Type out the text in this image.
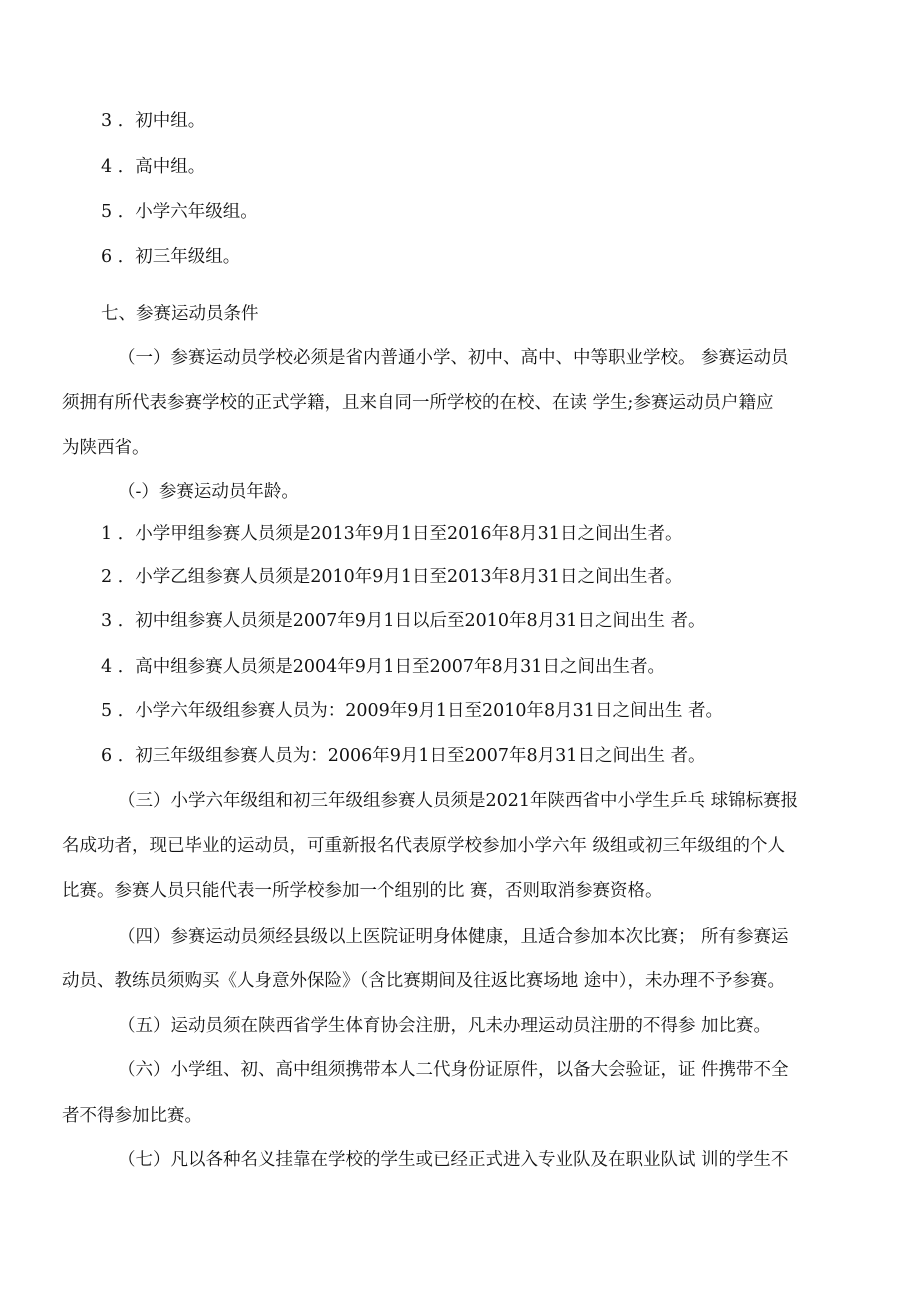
3 ．初中组。
4 ．高中组。
5 ．小学六年级组。
6 ．初三年级组。
七、参赛运动员条件
（一）参赛运动员学校必须是省内普通小学、初中、高中、中等职业学校。 参赛运动员
须拥有所代表参赛学校的正式学籍，且来自同一所学校的在校、在读 学生;参赛运动员户籍应
为陕西省。
（-）参赛运动员年龄。
1 ．小学甲组参赛人员须是2013年9月1日至2016年8月31日之间出生者。
2 ．小学乙组参赛人员须是2010年9月1日至2013年8月31日之间出生者。
3 ．初中组参赛人员须是2007年9月1日以后至2010年8月31日之间出生 者。
4 ．高中组参赛人员须是2004年9月1日至2007年8月31日之间出生者。
5 ．小学六年级组参赛人员为：2009年9月1日至2010年8月31日之间出生 者。
6 ．初三年级组参赛人员为：2006年9月1日至2007年8月31日之间出生 者。
（三）小学六年级组和初三年级组参赛人员须是2021年陕西省中小学生乒乓 球锦标赛报
名成功者，现已毕业的运动员，可重新报名代表原学校参加小学六年 级组或初三年级组的个人
比赛。参赛人员只能代表一所学校参加一个组别的比 赛，否则取消参赛资格。
（四）参赛运动员须经县级以上医院证明身体健康，且适合参加本次比赛； 所有参赛运
动员、教练员须购买《人身意外保险》（含比赛期间及往返比赛场地 途中），未办理不予参赛。
（五）运动员须在陕西省学生体育协会注册，凡未办理运动员注册的不得参 加比赛。
（六）小学组、初、高中组须携带本人二代身份证原件，以备大会验证，证 件携带不全
者不得参加比赛。
（七）凡以各种名义挂靠在学校的学生或已经正式进入专业队及在职业队试 训的学生不
